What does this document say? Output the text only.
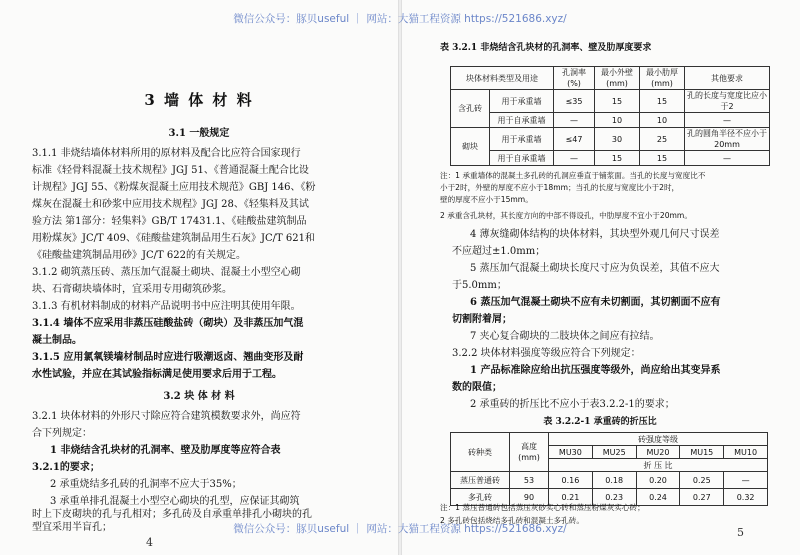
微信公众号：豚贝useful ｜ 网站：大猫工程资源 https://521686.xyz/
3 墙 体 材 料
3.1 一般规定
3.1.1 非烧结墙体材料所用的原材料及配合比应符合国家现行
标准《轻骨料混凝土技术规程》JGJ 51、《普通混凝土配合比设
计规程》JGJ 55、《粉煤灰混凝土应用技术规范》GBJ 146、《粉
煤灰在混凝土和砂浆中应用技术规程》JGJ 28、《轻集料及其试
验方法 第1部分：轻集料》GB/T 17431.1、《硅酸盐建筑制品
用粉煤灰》JC/T 409、《硅酸盐建筑制品用生石灰》JC/T 621和
《硅酸盐建筑制品用砂》JC/T 622的有关规定。
3.1.2 砌筑蒸压砖、蒸压加气混凝土砌块、混凝土小型空心砌
块、石膏砌块墙体时，宜采用专用砌筑砂浆。
3.1.3 有机材料制成的材料产品说明书中应注明其使用年限。
3.1.4 墙体不应采用非蒸压硅酸盐砖（砌块）及非蒸压加气混
凝土制品。
3.1.5 应用氯氧镁墙材制品时应进行吸潮返卤、翘曲变形及耐
水性试验，并应在其试验指标满足使用要求后用于工程。
3.2 块 体 材 料
3.2.1 块体材料的外形尺寸除应符合建筑模数要求外，尚应符
合下列规定：
1 非烧结含孔块材的孔洞率、壁及肋厚度等应符合表
3.2.1的要求；
2 承重烧结多孔砖的孔洞率不应大于35%；
3 承重单排孔混凝土小型空心砌块的孔型，应保证其砌筑
时上下皮砌块的孔与孔相对；多孔砖及自承重单排孔小砌块的孔
型宜采用半盲孔；
4
表 3.2.1 非烧结含孔块材的孔洞率、壁及肋厚度要求
块体材料类型及用途		孔洞率(%)	最小外壁(mm)	最小肋厚(mm)	其他要求
含孔砖	用于承重墙	≤35	15	15	孔的长度与宽度比应小于2
	用于自承重墙	—	10	10	—
砌块	用于承重墙	≤47	30	25	孔的圆角半径不应小于20mm
	用于自承重墙	—	15	15	—
注：1 承重墙体的混凝土多孔砖的孔洞应垂直于铺浆面。当孔的长度与宽度比不
小于2时，外壁的厚度不应小于18mm；当孔的长度与宽度比小于2时，
壁的厚度不应小于15mm。
2 承重含孔块材，其长度方向的中部不得设孔，中肋厚度不宜小于20mm。
4 薄灰缝砌体结构的块体材料，其块型外观几何尺寸误差
不应超过±1.0mm；
5 蒸压加气混凝土砌块长度尺寸应为负误差，其值不应大
于5.0mm；
6 蒸压加气混凝土砌块不应有未切割面，其切割面不应有
切割附着屑；
7 夹心复合砌块的二肢块体之间应有拉结。
3.2.2 块体材料强度等级应符合下列规定：
1 产品标准除应给出抗压强度等级外，尚应给出其变异系
数的限值；
2 承重砖的折压比不应小于表3.2.2-1的要求；
表 3.2.2-1 承重砖的折压比
砖种类	高度(mm)	砖强度等级				
		MU30	MU25	MU20	MU15	MU10
		折 压 比				
蒸压普通砖	53	0.16	0.18	0.20	0.25	—
多孔砖	90	0.21	0.23	0.24	0.27	0.32
注：1 蒸压普通砖包括蒸压灰砂实心砖和蒸压粉煤灰实心砖；
2 多孔砖包括烧结多孔砖和混凝土多孔砖。
5
微信公众号：豚贝useful ｜ 网站：大猫工程资源 https://521686.xyz/
